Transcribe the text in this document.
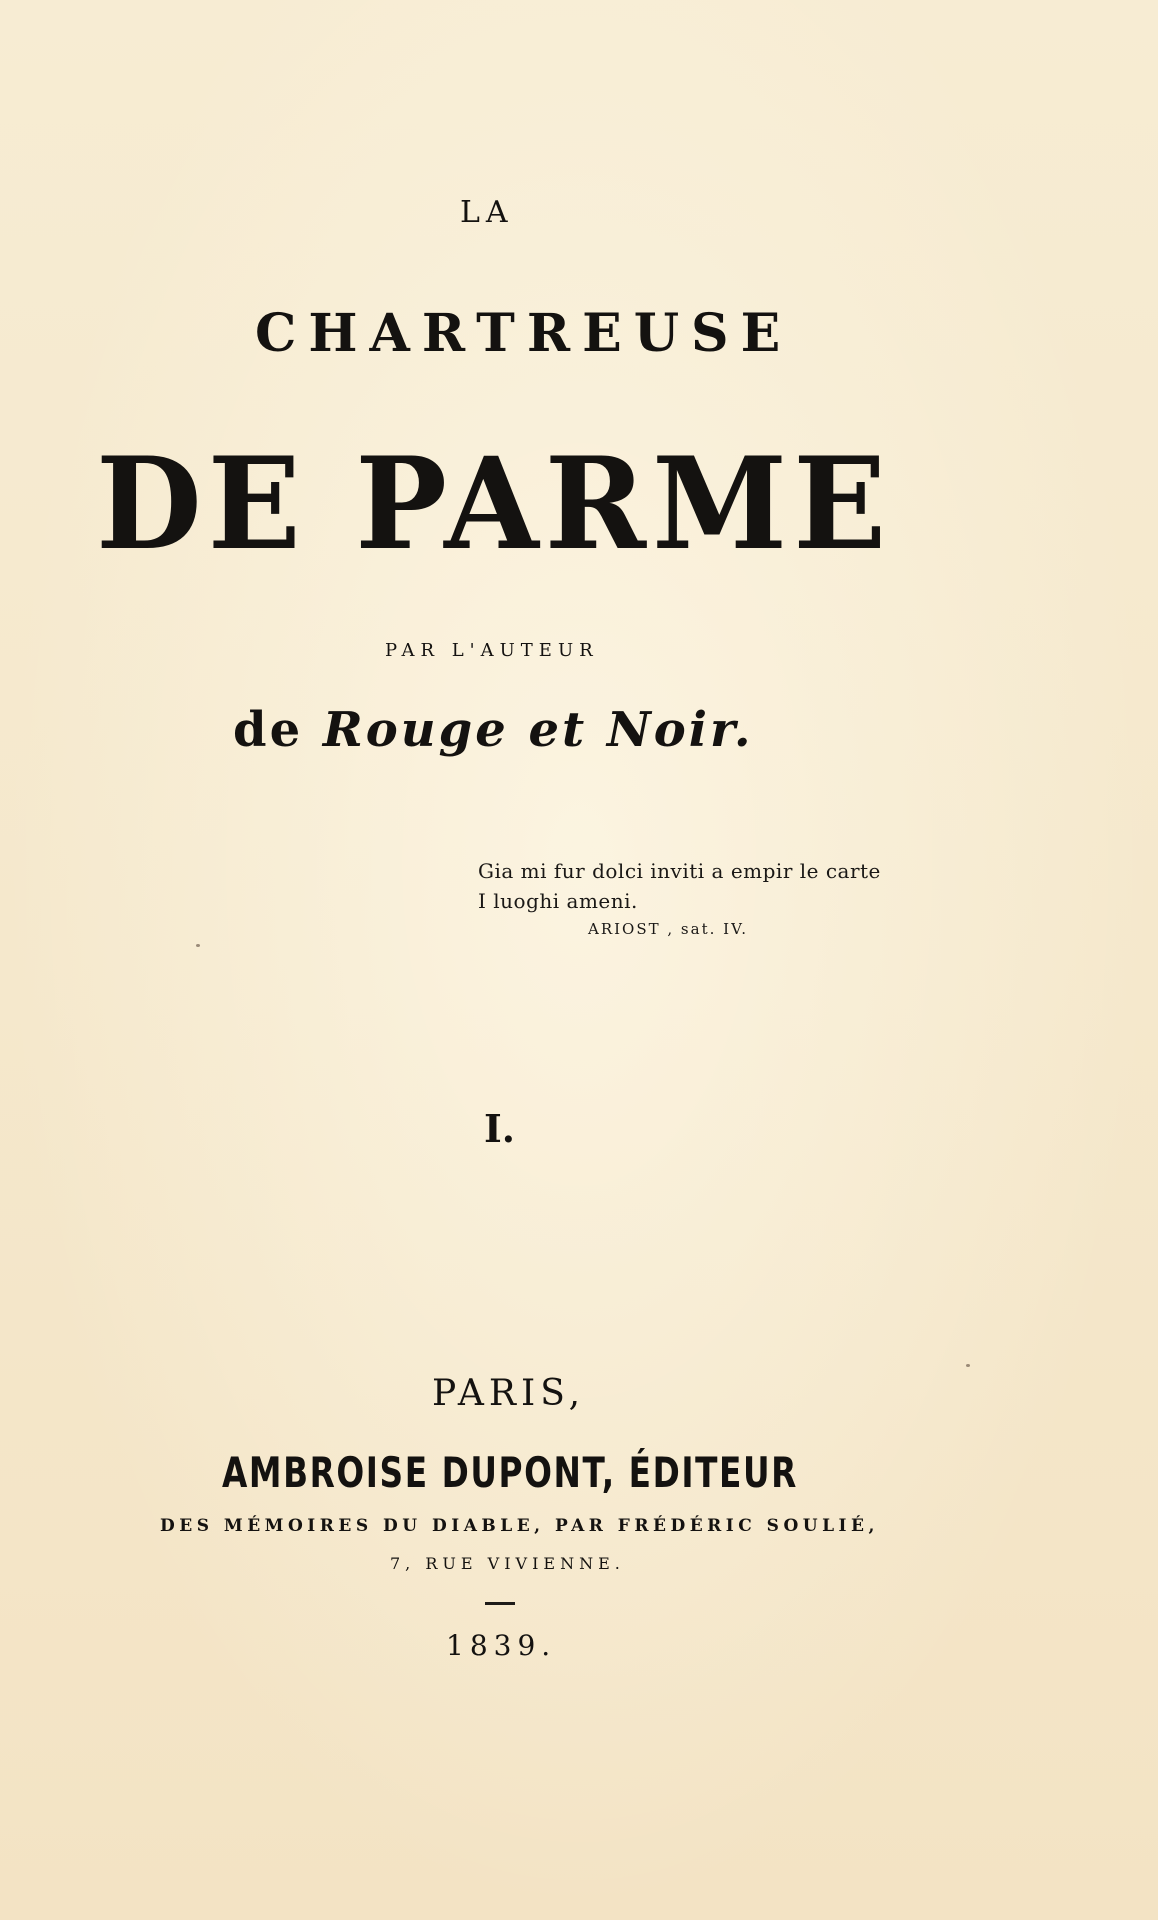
LA

CHARTREUSE

DE PARME

PAR L'AUTEUR

de Rouge et Noir.

Gia mi fur dolci inviti a empir le carte
I luoghi ameni.
ARIOST , sat. IV.

I.

PARIS,

AMBROISE DUPONT, ÉDITEUR

DES MÉMOIRES DU DIABLE, PAR FRÉDÉRIC SOULIÉ,

7, RUE VIVIENNE.

1839.
